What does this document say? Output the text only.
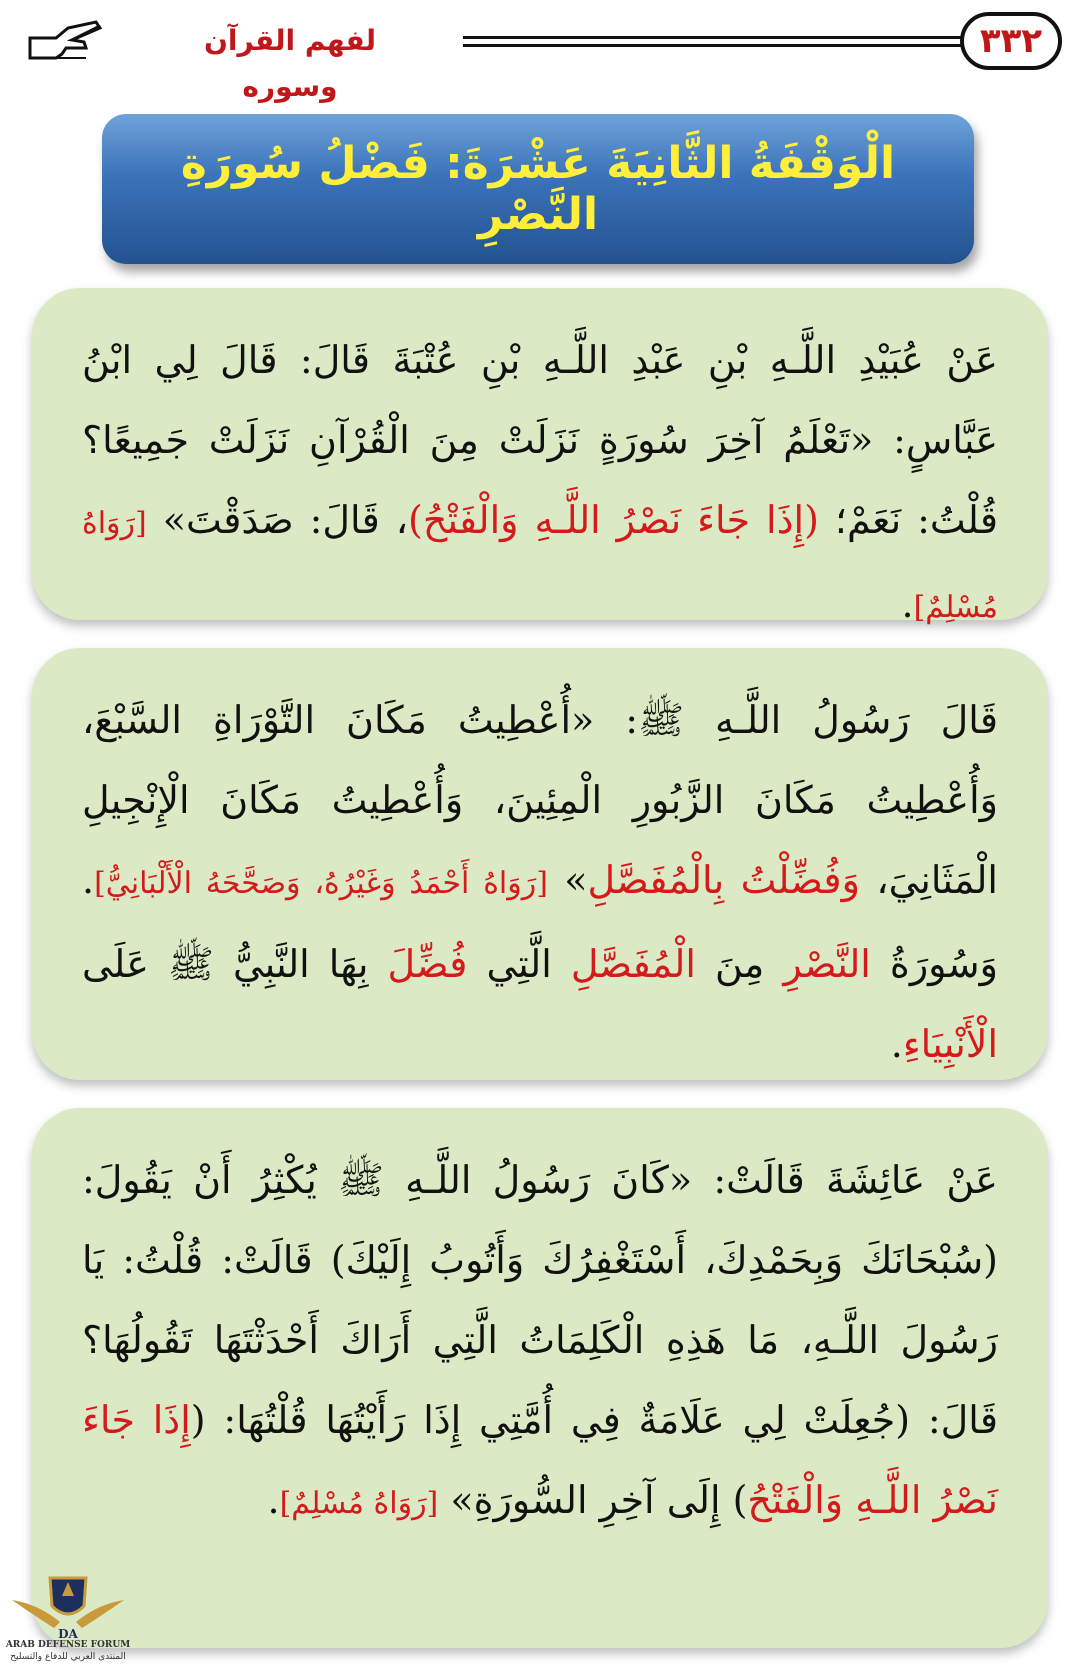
لفهم القرآن وسوره
٣٣٢
الْوَقْفَةُ الثَّانِيَةَ عَشْرَةَ: فَضْلُ سُورَةِ النَّصْرِ
عَنْ عُبَيْدِ اللَّـهِ بْنِ عَبْدِ اللَّـهِ بْنِ عُتْبَةَ قَالَ: قَالَ لِي ابْنُ عَبَّاسٍ: «تَعْلَمُ آخِرَ سُورَةٍ نَزَلَتْ مِنَ الْقُرْآنِ نَزَلَتْ جَمِيعًا؟ قُلْتُ: نَعَمْ؛ (إِذَا جَاءَ نَصْرُ اللَّـهِ وَالْفَتْحُ)، قَالَ: صَدَقْتَ» [رَوَاهُ مُسْلِمٌ].
قَالَ رَسُولُ اللَّـهِ ﷺ: «أُعْطِيتُ مَكَانَ التَّوْرَاةِ السَّبْعَ، وَأُعْطِيتُ مَكَانَ الزَّبُورِ الْمِئِينَ، وَأُعْطِيتُ مَكَانَ الْإِنْجِيلِ الْمَثَانِيَ، وَفُضِّلْتُ بِالْمُفَصَّلِ» [رَوَاهُ أَحْمَدُ وَغَيْرُهُ، وَصَحَّحَهُ الْأَلْبَانِيُّ]. وَسُورَةُ النَّصْرِ مِنَ الْمُفَصَّلِ الَّتِي فُضِّلَ بِهَا النَّبِيُّ ﷺ عَلَى الْأَنْبِيَاءِ.
عَنْ عَائِشَةَ قَالَتْ: «كَانَ رَسُولُ اللَّـهِ ﷺ يُكْثِرُ أَنْ يَقُولَ: (سُبْحَانَكَ وَبِحَمْدِكَ، أَسْتَغْفِرُكَ وَأَتُوبُ إِلَيْكَ) قَالَتْ: قُلْتُ: يَا رَسُولَ اللَّـهِ، مَا هَذِهِ الْكَلِمَاتُ الَّتِي أَرَاكَ أَحْدَثْتَهَا تَقُولُهَا؟ قَالَ: (جُعِلَتْ لِي عَلَامَةٌ فِي أُمَّتِي إِذَا رَأَيْتُهَا قُلْتُهَا: (إِذَا جَاءَ نَصْرُ اللَّـهِ وَالْفَتْحُ) إِلَى آخِرِ السُّورَةِ» [رَوَاهُ مُسْلِمٌ].
DA
ARAB DEFENSE FORUM
المنتدى العربي للدفاع والتسليح
